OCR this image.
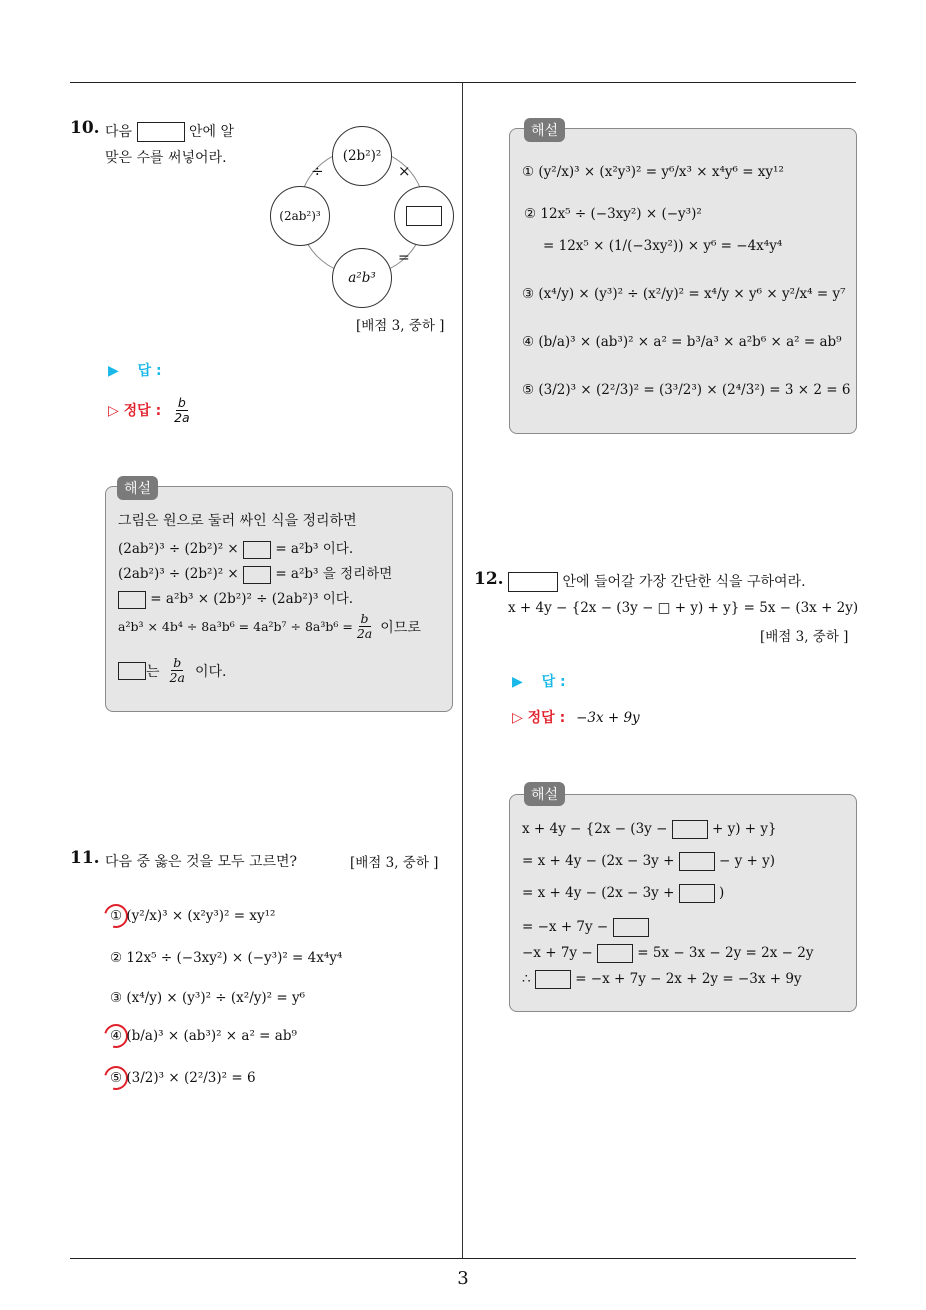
3
10. 다음	안에 알
맞은 수를 써넣어라.	(2b²)²
(2ab²)³
a²b³
÷	×
=
[배점 3, 중하 ]
▶ 답 :
▷ 정답 : $\frac{b}{2a}$
해설
그림은 원으로 둘러 싸인 식을 정리하면
(2ab²)³ ÷ (2b²)² ×	= a²b³ 이다.
(2ab²)³ ÷ (2b²)² ×	= a²b³ 을 정리하면
= a²b³ × (2b²)² ÷ (2ab²)³ 이다.
$a^2b^3 \times 4b^4 \div 8a^3b^6 = 4a^2b^7 \div 8a^3b^6 = \frac{b}{2a}$ 이므로
는 $\frac{b}{2a}$ 이다.
11. 다음 중 옳은 것을 모두 고르면?	[배점 3, 중하 ]
① (y²/x)³ × (x²y³)² = xy¹²
② 12x⁵ ÷ (−3xy²) × (−y³)² = 4x⁴y⁴
③ (x⁴/y) × (y³)² ÷ (x²/y)² = y⁶
④ (b/a)³ × (ab³)² × a² = ab⁹
⑤ (3/2)³ × (2²/3)² = 6
해설
① (y²/x)³ × (x²y³)² = y⁶/x³ × x⁴y⁶ = xy¹²
② 12x⁵ ÷ (−3xy²) × (−y³)²
= 12x⁵ × (1/(−3xy²)) × y⁶ = −4x⁴y⁴
③ (x⁴/y) × (y³)² ÷ (x²/y)² = x⁴/y × y⁶ × y²/x⁴ = y⁷
④ (b/a)³ × (ab³)² × a² = b³/a³ × a²b⁶ × a² = ab⁹
⑤ (3/2)³ × (2²/3)² = (3³/2³) × (2⁴/3²) = 3 × 2 = 6
12.	안에 들어갈 가장 간단한 식을 구하여라.
x + 4y − {2x − (3y − □ + y) + y} = 5x − (3x + 2y)
[배점 3, 중하 ]
▶ 답 :
▷ 정답 : −3x + 9y
해설
x + 4y − {2x − (3y −	+ y) + y}
= x + 4y − (2x − 3y +	− y + y)
= x + 4y − (2x − 3y +	)
= −x + 7y −
−x + 7y −	= 5x − 3x − 2y = 2x − 2y
∴	= −x + 7y − 2x + 2y = −3x + 9y
